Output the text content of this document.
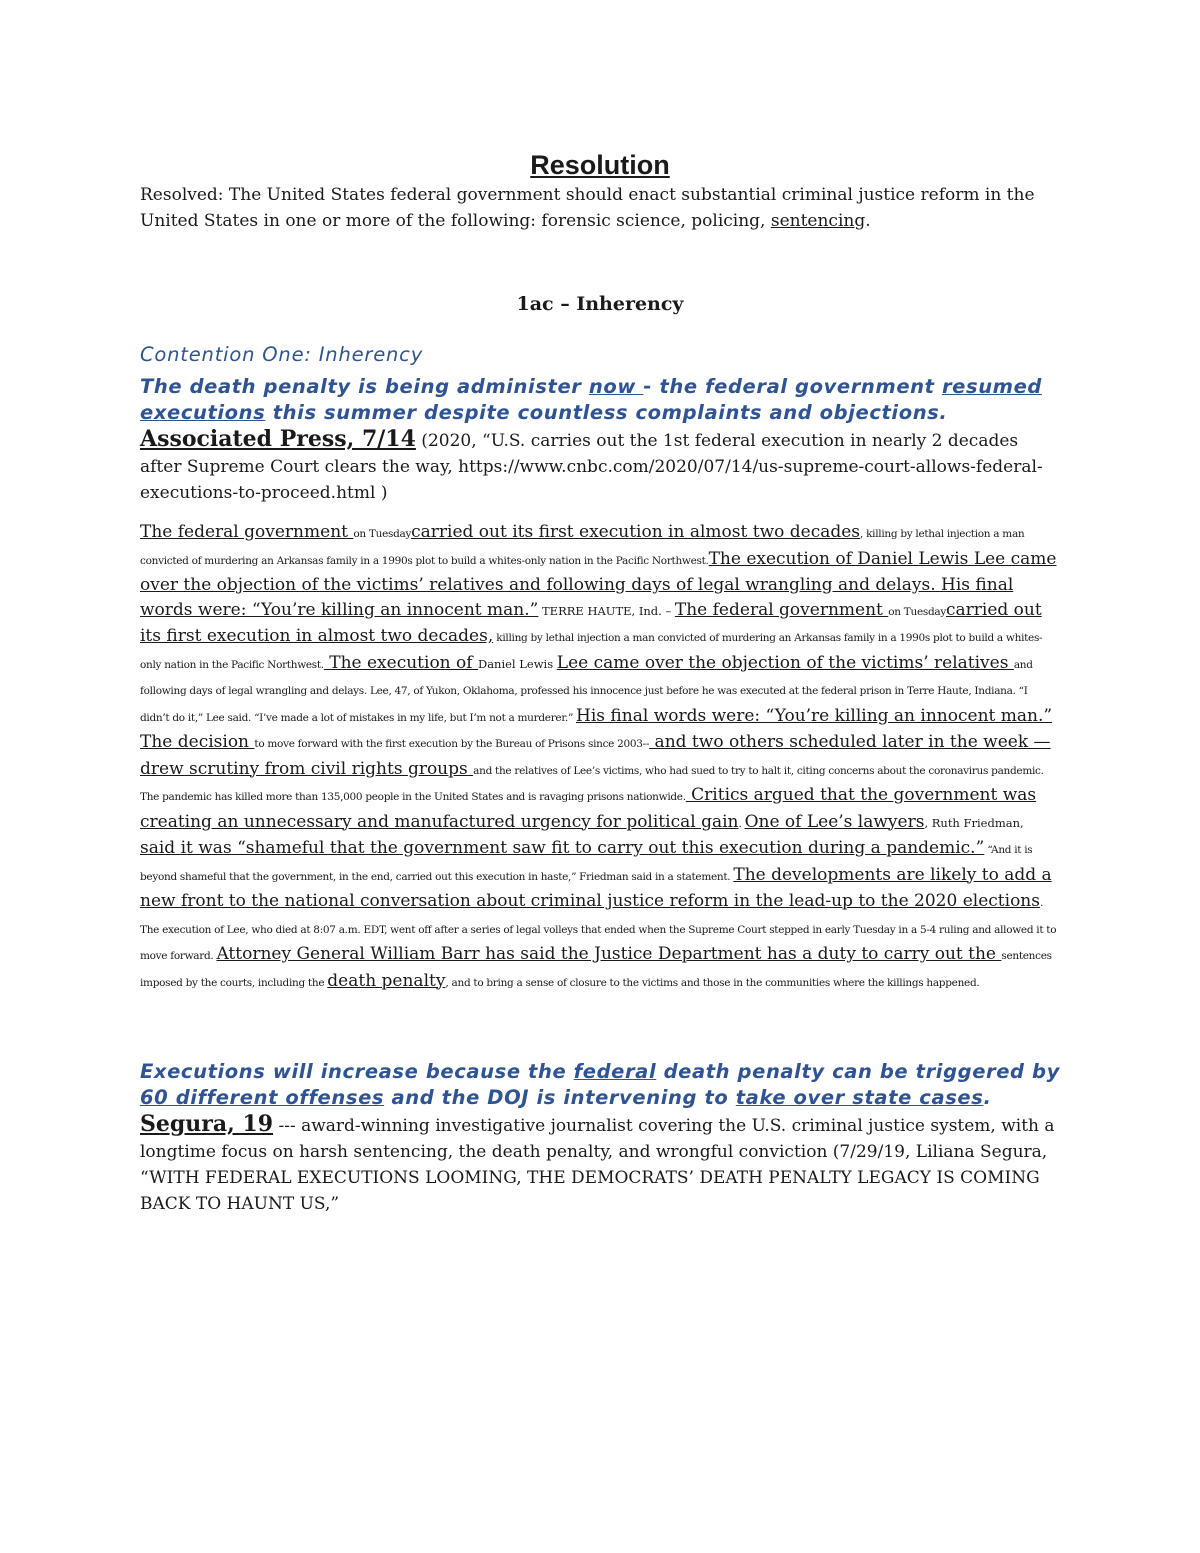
Resolution

Resolved: The United States federal government should enact substantial criminal justice reform in the United States in one or more of the following: forensic science, policing, sentencing.

1ac – Inherency

Contention One: Inherency

The death penalty is being administer now - the federal government resumed executions this summer despite countless complaints and objections.

Associated Press, 7/14 (2020, “U.S. carries out the 1st federal execution in nearly 2 decades after Supreme Court clears the way, https://www.cnbc.com/2020/07/14/us-supreme-court-allows-federal-executions-to-proceed.html )

The federal government on Tuesdaycarried out its first execution in almost two decades, killing by lethal injection a man convicted of murdering an Arkansas family in a 1990s plot to build a whites-only nation in the Pacific Northwest.The execution of Daniel Lewis Lee came over the objection of the victims’ relatives and following days of legal wrangling and delays. His final words were: “You’re killing an innocent man.” TERRE HAUTE, Ind. – The federal government on Tuesdaycarried out its first execution in almost two decades, killing by lethal injection a man convicted of murdering an Arkansas family in a 1990s plot to build a whites-only nation in the Pacific Northwest. The execution of Daniel Lewis Lee came over the objection of the victims’ relatives and following days of legal wrangling and delays. Lee, 47, of Yukon, Oklahoma, professed his innocence just before he was executed at the federal prison in Terre Haute, Indiana. “I didn’t do it,” Lee said. “I’ve made a lot of mistakes in my life, but I’m not a murderer.” His final words were: “You’re killing an innocent man.” The decision to move forward with the first execution by the Bureau of Prisons since 2003-- and two others scheduled later in the week — drew scrutiny from civil rights groups and the relatives of Lee’s victims, who had sued to try to halt it, citing concerns about the coronavirus pandemic. The pandemic has killed more than 135,000 people in the United States and is ravaging prisons nationwide. Critics argued that the government was creating an unnecessary and manufactured urgency for political gain. One of Lee’s lawyers, Ruth Friedman, said it was “shameful that the government saw fit to carry out this execution during a pandemic.” “And it is beyond shameful that the government, in the end, carried out this execution in haste,” Friedman said in a statement. The developments are likely to add a new front to the national conversation about criminal justice reform in the lead-up to the 2020 elections. The execution of Lee, who died at 8:07 a.m. EDT, went off after a series of legal volleys that ended when the Supreme Court stepped in early Tuesday in a 5-4 ruling and allowed it to move forward. Attorney General William Barr has said the Justice Department has a duty to carry out the sentences imposed by the courts, including the death penalty, and to bring a sense of closure to the victims and those in the communities where the killings happened.

Executions will increase because the federal death penalty can be triggered by 60 different offenses and the DOJ is intervening to take over state cases.

Segura, 19 --- award-winning investigative journalist covering the U.S. criminal justice system, with a longtime focus on harsh sentencing, the death penalty, and wrongful conviction (7/29/19, Liliana Segura, “WITH FEDERAL EXECUTIONS LOOMING, THE DEMOCRATS’ DEATH PENALTY LEGACY IS COMING BACK TO HAUNT US,”
